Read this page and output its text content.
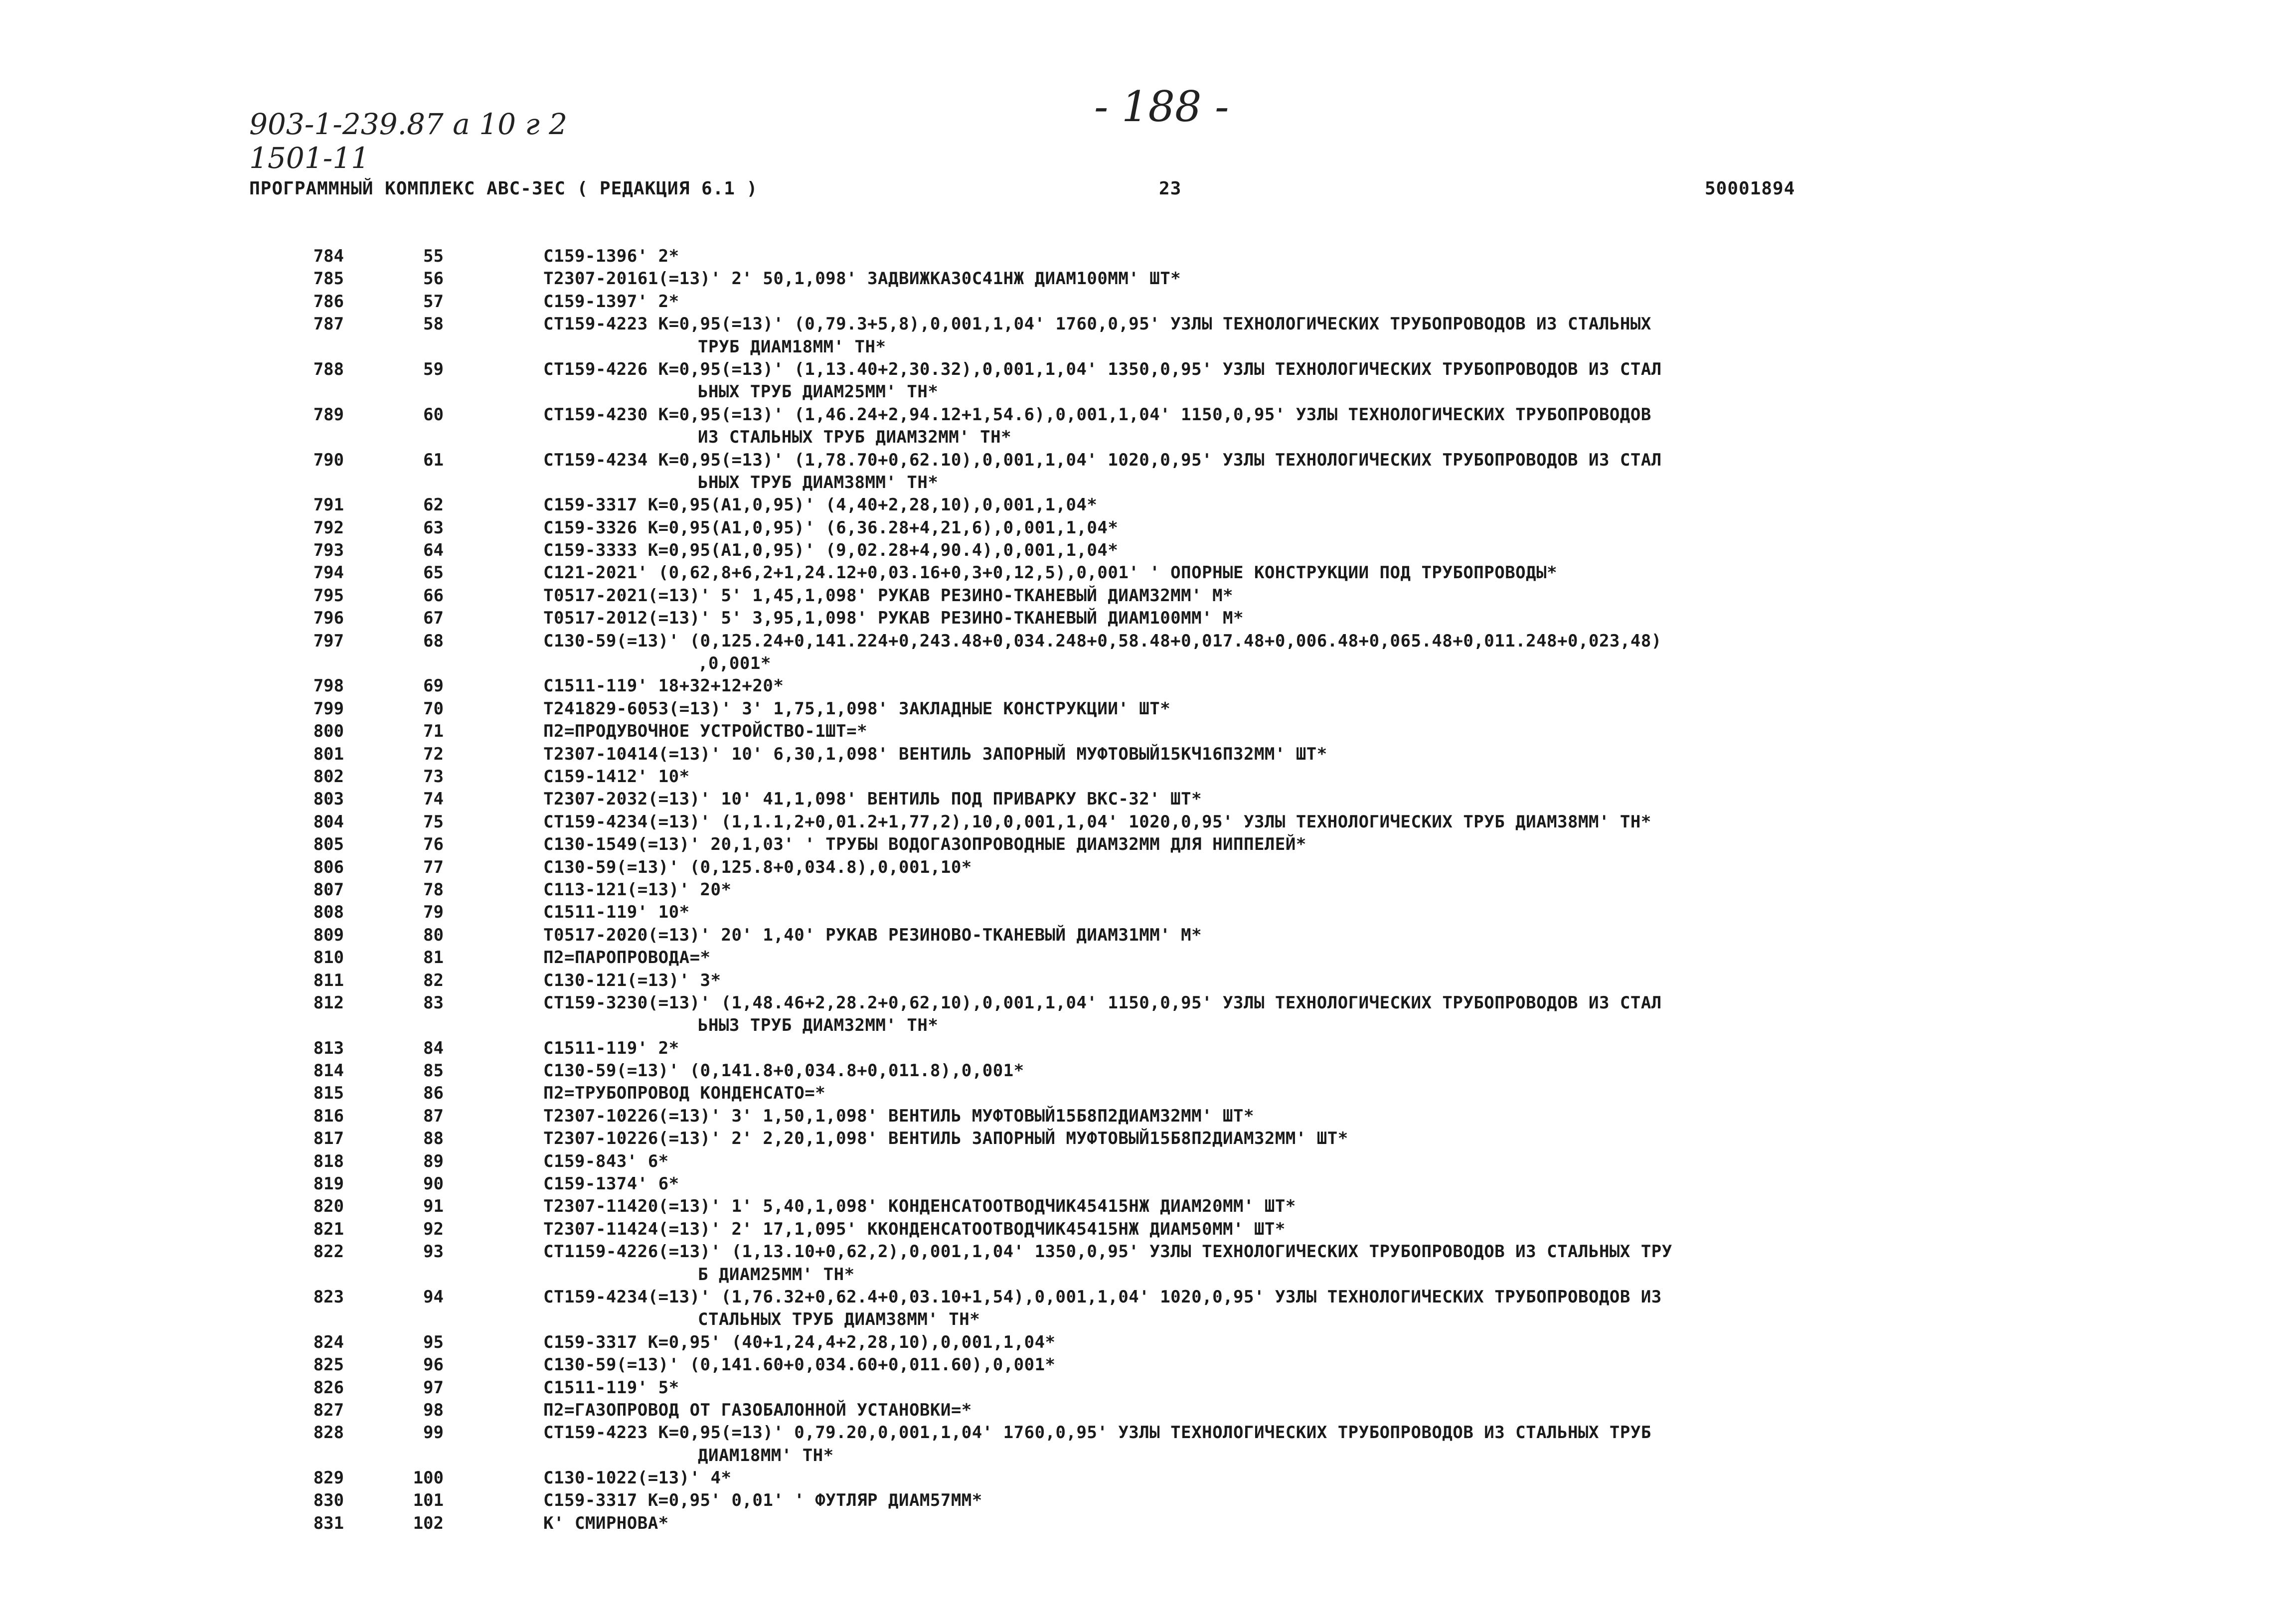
903-1-239.87 а 10 г 2
1501-11
- 188 -
ПРОГРАММНЫЙ КОМПЛЕКС АВС-ЗЕС ( РЕДАКЦИЯ 6.1 )	23	50001894
784	55	С159-1396' 2*
785	56	Т2307-20161(=13)' 2' 50,1,098' ЗАДВИЖКА30С41НЖ ДИАМ100ММ' ШТ*
786	57	С159-1397' 2*
787	58	СТ159-4223 К=0,95(=13)' (0,79.3+5,8),0,001,1,04' 1760,0,95' УЗЛЫ ТЕХНОЛОГИЧЕСКИХ ТРУБОПРОВОДОВ ИЗ СТАЛЬНЫХ
ТРУБ ДИАМ18ММ' ТН*
788	59	СТ159-4226 К=0,95(=13)' (1,13.40+2,30.32),0,001,1,04' 1350,0,95' УЗЛЫ ТЕХНОЛОГИЧЕСКИХ ТРУБОПРОВОДОВ ИЗ СТАЛ
ЬНЫХ ТРУБ ДИАМ25ММ' ТН*
789	60	СТ159-4230 К=0,95(=13)' (1,46.24+2,94.12+1,54.6),0,001,1,04' 1150,0,95' УЗЛЫ ТЕХНОЛОГИЧЕСКИХ ТРУБОПРОВОДОВ
ИЗ СТАЛЬНЫХ ТРУБ ДИАМ32ММ' ТН*
790	61	СТ159-4234 К=0,95(=13)' (1,78.70+0,62.10),0,001,1,04' 1020,0,95' УЗЛЫ ТЕХНОЛОГИЧЕСКИХ ТРУБОПРОВОДОВ ИЗ СТАЛ
ЬНЫХ ТРУБ ДИАМ38ММ' ТН*
791	62	С159-3317 К=0,95(А1,0,95)' (4,40+2,28,10),0,001,1,04*
792	63	С159-3326 К=0,95(А1,0,95)' (6,36.28+4,21,6),0,001,1,04*
793	64	С159-3333 К=0,95(А1,0,95)' (9,02.28+4,90.4),0,001,1,04*
794	65	С121-2021' (0,62,8+6,2+1,24.12+0,03.16+0,3+0,12,5),0,001' ' ОПОРНЫЕ КОНСТРУКЦИИ ПОД ТРУБОПРОВОДЫ*
795	66	Т0517-2021(=13)' 5' 1,45,1,098' РУКАВ РЕЗИНО-ТКАНЕВЫЙ ДИАМ32ММ' М*
796	67	Т0517-2012(=13)' 5' 3,95,1,098' РУКАВ РЕЗИНО-ТКАНЕВЫЙ ДИАМ100ММ' М*
797	68	С130-59(=13)' (0,125.24+0,141.224+0,243.48+0,034.248+0,58.48+0,017.48+0,006.48+0,065.48+0,011.248+0,023,48)
,0,001*
798	69	С1511-119' 18+32+12+20*
799	70	Т241829-6053(=13)' 3' 1,75,1,098' ЗАКЛАДНЫЕ КОНСТРУКЦИИ' ШТ*
800	71	П2=ПРОДУВОЧНОЕ УСТРОЙСТВО-1ШТ=*
801	72	Т2307-10414(=13)' 10' 6,30,1,098' ВЕНТИЛЬ ЗАПОРНЫЙ МУФТОВЫЙ15КЧ16П32ММ' ШТ*
802	73	С159-1412' 10*
803	74	Т2307-2032(=13)' 10' 41,1,098' ВЕНТИЛЬ ПОД ПРИВАРКУ ВКС-32' ШТ*
804	75	СТ159-4234(=13)' (1,1.1,2+0,01.2+1,77,2),10,0,001,1,04' 1020,0,95' УЗЛЫ ТЕХНОЛОГИЧЕСКИХ ТРУБ ДИАМ38ММ' ТН*
805	76	С130-1549(=13)' 20,1,03' ' ТРУБЫ ВОДОГАЗОПРОВОДНЫЕ ДИАМ32ММ ДЛЯ НИППЕЛЕЙ*
806	77	С130-59(=13)' (0,125.8+0,034.8),0,001,10*
807	78	С113-121(=13)' 20*
808	79	С1511-119' 10*
809	80	Т0517-2020(=13)' 20' 1,40' РУКАВ РЕЗИНОВО-ТКАНЕВЫЙ ДИАМ31ММ' М*
810	81	П2=ПАРОПРОВОДА=*
811	82	С130-121(=13)' 3*
812	83	СТ159-3230(=13)' (1,48.46+2,28.2+0,62,10),0,001,1,04' 1150,0,95' УЗЛЫ ТЕХНОЛОГИЧЕСКИХ ТРУБОПРОВОДОВ ИЗ СТАЛ
ЬНЫЗ ТРУБ ДИАМ32ММ' ТН*
813	84	С1511-119' 2*
814	85	С130-59(=13)' (0,141.8+0,034.8+0,011.8),0,001*
815	86	П2=ТРУБОПРОВОД КОНДЕНСАТО=*
816	87	Т2307-10226(=13)' 3' 1,50,1,098' ВЕНТИЛЬ МУФТОВЫЙ15Б8П2ДИАМ32ММ' ШТ*
817	88	Т2307-10226(=13)' 2' 2,20,1,098' ВЕНТИЛЬ ЗАПОРНЫЙ МУФТОВЫЙ15Б8П2ДИАМ32ММ' ШТ*
818	89	С159-843' 6*
819	90	С159-1374' 6*
820	91	Т2307-11420(=13)' 1' 5,40,1,098' КОНДЕНСАТООТВОДЧИК45415НЖ ДИАМ20ММ' ШТ*
821	92	Т2307-11424(=13)' 2' 17,1,095' ККОНДЕНСАТООТВОДЧИК45415НЖ ДИАМ50ММ' ШТ*
822	93	СТ1159-4226(=13)' (1,13.10+0,62,2),0,001,1,04' 1350,0,95' УЗЛЫ ТЕХНОЛОГИЧЕСКИХ ТРУБОПРОВОДОВ ИЗ СТАЛЬНЫХ ТРУ
Б ДИАМ25ММ' ТН*
823	94	СТ159-4234(=13)' (1,76.32+0,62.4+0,03.10+1,54),0,001,1,04' 1020,0,95' УЗЛЫ ТЕХНОЛОГИЧЕСКИХ ТРУБОПРОВОДОВ ИЗ
СТАЛЬНЫХ ТРУБ ДИАМ38ММ' ТН*
824	95	С159-3317 К=0,95' (40+1,24,4+2,28,10),0,001,1,04*
825	96	С130-59(=13)' (0,141.60+0,034.60+0,011.60),0,001*
826	97	С1511-119' 5*
827	98	П2=ГАЗОПРОВОД ОТ ГАЗОБАЛОННОЙ УСТАНОВКИ=*
828	99	СТ159-4223 К=0,95(=13)' 0,79.20,0,001,1,04' 1760,0,95' УЗЛЫ ТЕХНОЛОГИЧЕСКИХ ТРУБОПРОВОДОВ ИЗ СТАЛЬНЫХ ТРУБ
ДИАМ18ММ' ТН*
829	100	С130-1022(=13)' 4*
830	101	С159-3317 К=0,95' 0,01' ' ФУТЛЯР ДИАМ57ММ*
831	102	К' СМИРНОВА*
